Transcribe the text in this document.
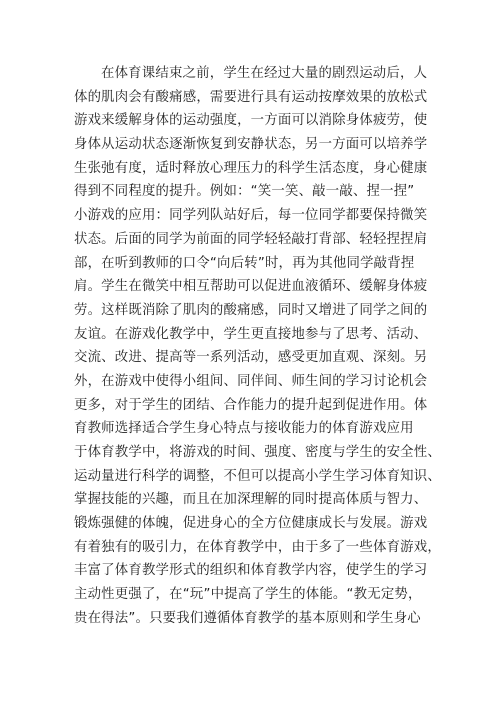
在体育课结束之前，学生在经过大量的剧烈运动后，人
体的肌肉会有酸痛感，需要进行具有运动按摩效果的放松式
游戏来缓解身体的运动强度，一方面可以消除身体疲劳，使
身体从运动状态逐渐恢复到安静状态，另一方面可以培养学
生张弛有度，适时释放心理压力的科学生活态度，身心健康
得到不同程度的提升。例如：“笑一笑、敲一敲、捏一捏”
小游戏的应用：同学列队站好后，每一位同学都要保持微笑
状态。后面的同学为前面的同学轻轻敲打背部、轻轻捏捏肩
部，在听到教师的口令“向后转”时，再为其他同学敲背捏
肩。学生在微笑中相互帮助可以促进血液循环、缓解身体疲
劳。这样既消除了肌肉的酸痛感，同时又增进了同学之间的
友谊。在游戏化教学中，学生更直接地参与了思考、活动、
交流、改进、提高等一系列活动，感受更加直观、深刻。另
外，在游戏中使得小组间、同伴间、师生间的学习讨论机会
更多，对于学生的团结、合作能力的提升起到促进作用。体
育教师选择适合学生身心特点与接收能力的体育游戏应用
于体育教学中，将游戏的时间、强度、密度与学生的安全性、
运动量进行科学的调整，不但可以提高小学生学习体育知识、
掌握技能的兴趣，而且在加深理解的同时提高体质与智力、
锻炼强健的体魄，促进身心的全方位健康成长与发展。游戏
有着独有的吸引力，在体育教学中，由于多了一些体育游戏，
丰富了体育教学形式的组织和体育教学内容，使学生的学习
主动性更强了，在“玩”中提高了学生的体能。“教无定势，
贵在得法”。只要我们遵循体育教学的基本原则和学生身心
